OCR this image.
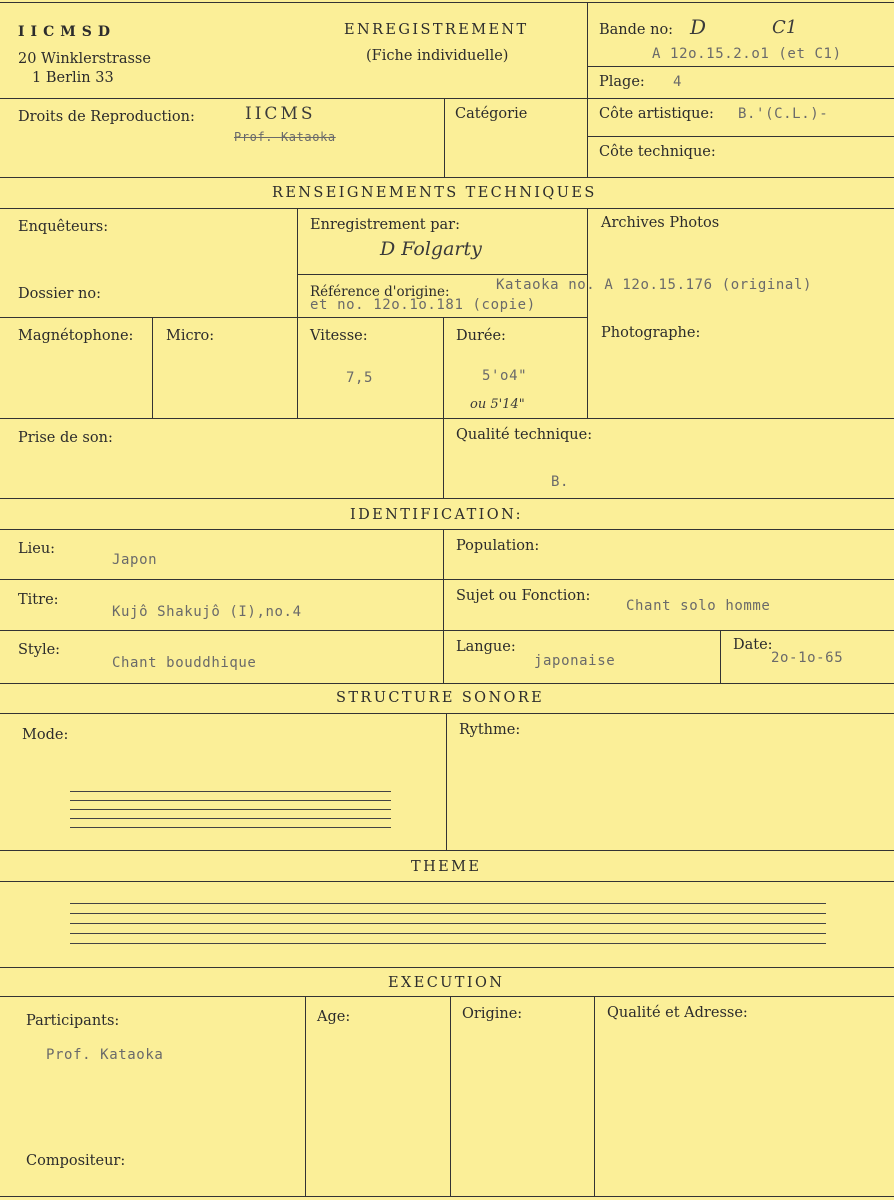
IICMSD
20 Winklerstrasse
1 Berlin 33
ENREGISTREMENT
(Fiche individuelle)
Bande no: D	C1
A 12o.15.2.o1 (et C1)
Plage: 4
Droits de Reproduction:	IICMS
Prof. Kataoka
Catégorie	Côte artistique: B.'(C.L.)-
Côte technique:
RENSEIGNEMENTS TECHNIQUES
Enquêteurs:	Enregistrement par:
D Folgarty
Archives Photos
Dossier no:	Référence d'origine:	Kataoka no. A 12o.15.176 (original)
et no. 12o.1o.181 (copie)
Magnétophone: Micro:	Vitesse:
7,5
Durée:
5'o4"
ou 5'14"
Photographe:
Prise de son:	Qualité technique:
B.
IDENTIFICATION:
Lieu:
Japon
Population:
Titre:
Kujô Shakujô (I),no.4
Sujet ou Fonction:
Chant solo homme
Style:
Chant bouddhique
Langue:
japonaise
Date:
2o-1o-65
STRUCTURE SONORE
Mode:	Rythme:
THEME
EXECUTION
Participants:
Prof. Kataoka
Age:	Origine:	Qualité et Adresse:
Compositeur:
